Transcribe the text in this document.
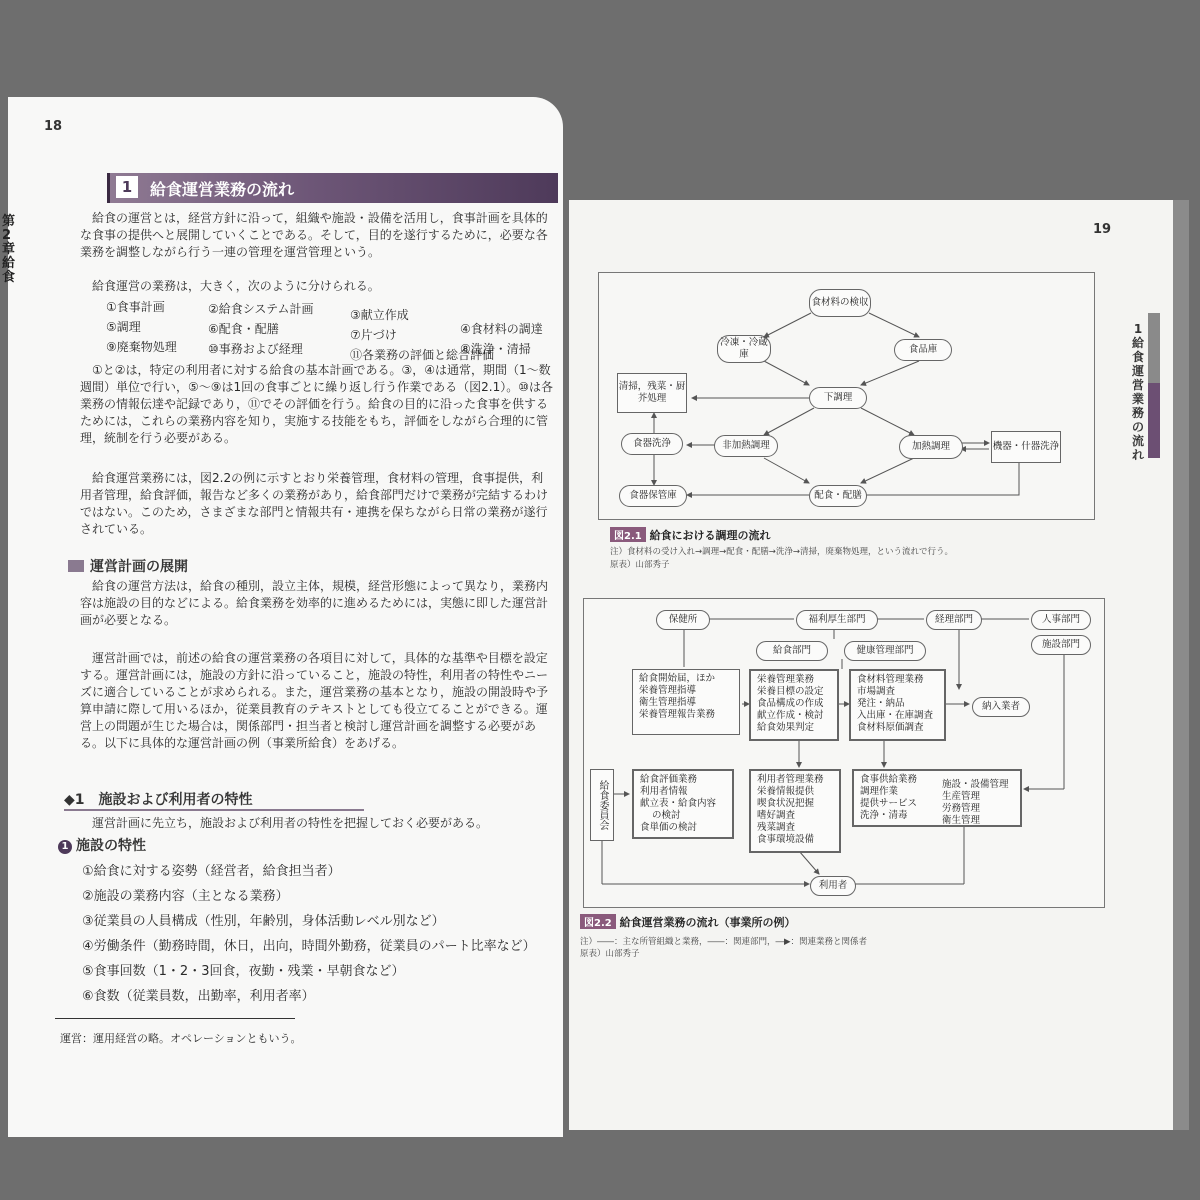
18
第2章 給食
1	給食運営業務の流れ
給食の運営とは，経営方針に沿って，組織や施設・設備を活用し，食事計画を具体的な食事の提供へと展開していくことである。そして，目的を遂行するために，必要な各業務を調整しながら行う一連の管理を運営管理という。
給食運営の業務は，大きく，次のように分けられる。
①食事計画	②給食システム計画	③献立作成
④食材料の調達
⑤調理	⑥配食・配膳	⑦片づけ
⑧洗浄・清掃
⑨廃棄物処理	⑩事務および経理	⑪各業務の評価と総合評価
①と②は，特定の利用者に対する給食の基本計画である。③，④は通常，期間（1～数週間）単位で行い，⑤～⑨は1回の食事ごとに繰り返し行う作業である（図2.1）。⑩は各業務の情報伝達や記録であり，⑪でその評価を行う。給食の目的に沿った食事を供するためには，これらの業務内容を知り，実施する技能をもち，評価をしながら合理的に管理，統制を行う必要がある。
給食運営業務には，図2.2の例に示すとおり栄養管理，食材料の管理，食事提供，利用者管理，給食評価，報告など多くの業務があり，給食部門だけで業務が完結するわけではない。このため，さまざまな部門と情報共有・連携を保ちながら日常の業務が遂行されている。
運営計画の展開
給食の運営方法は，給食の種別，設立主体，規模，経営形態によって異なり，業務内容は施設の目的などによる。給食業務を効率的に進めるためには，実態に即した運営計画が必要となる。
運営計画では，前述の給食の運営業務の各項目に対して，具体的な基準や目標を設定する。運営計画には，施設の方針に沿っていること，施設の特性，利用者の特性やニーズに適合していることが求められる。また，運営業務の基本となり，施設の開設時や予算申請に際して用いるほか，従業員教育のテキストとしても役立てることができる。運営上の問題が生じた場合は，関係部門・担当者と検討し運営計画を調整する必要がある。以下に具体的な運営計画の例（事業所給食）をあげる。
◆1　施設および利用者の特性
運営計画に先立ち，施設および利用者の特性を把握しておく必要がある。
1 施設の特性
①給食に対する姿勢（経営者，給食担当者）
②施設の業務内容（主となる業務）
③従業員の人員構成（性別，年齢別，身体活動レベル別など）
④労働条件（勤務時間，休日，出向，時間外勤務，従業員のパート比率など）
⑤食事回数（1・2・3回食，夜勤・残業・早朝食など）
⑥食数（従業員数，出勤率，利用者率）
運営：運用経営の略。オペレーションともいう。
19
1 給食運営業務の流れ
食材料の検収
冷凍・冷蔵庫	食品庫
清掃，残菜・厨芥処理	下調理
食器洗浄	非加熱調理	加熱調理	機器・什器洗浄
食器保管庫	配食・配膳
図2.1 給食における調理の流れ
注）食材料の受け入れ→調理→配食・配膳→洗浄→清掃，廃棄物処理，という流れで行う。
原表）山部秀子
保健所	福利厚生部門	経理部門	人事部門
施設部門
給食部門	健康管理部門
納入業者
給食開始届，ほか
栄養管理指導
衛生管理指導
栄養管理報告業務
栄養管理業務
栄養目標の設定
食品構成の作成
献立作成・検討
給食効果判定
食材料管理業務
市場調査
発注・納品
入出庫・在庫調査
食材料原価調査
給食委員会
給食評価業務
利用者情報
献立表・給食内容
の検討
食単価の検討
利用者管理業務
栄養情報提供
喫食状況把握
嗜好調査
残菜調査
食事環境設備
食事供給業務
調理作業
提供サービス
洗浄・清毒
施設・設備管理
生産管理
労務管理
衛生管理
利用者
図2.2 給食運営業務の流れ（事業所の例）
注）――：主な所管組織と業務，――：関連部門，―▶：関連業務と関係者
原表）山部秀子
